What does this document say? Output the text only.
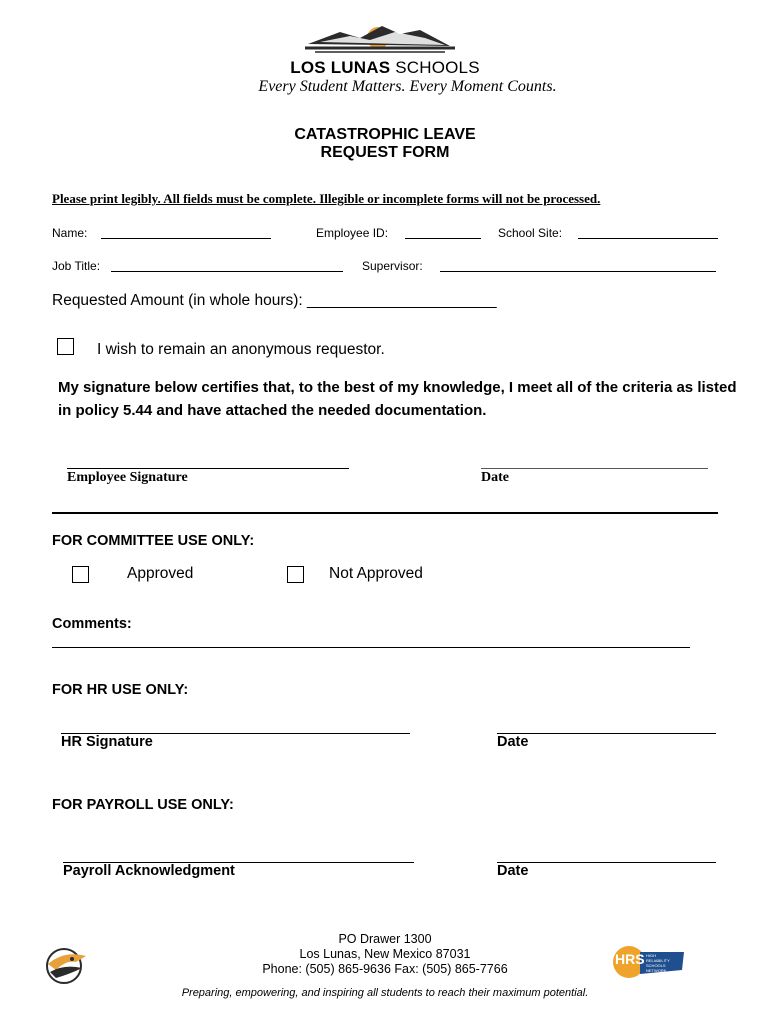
LOS LUNAS SCHOOLS
Every Student Matters. Every Moment Counts.
CATASTROPHIC LEAVE
REQUEST FORM
Please print legibly. All fields must be complete. Illegible or incomplete forms will not be processed.
Name:	Employee ID:	School Site:
Job Title:	Supervisor:
Requested Amount (in whole hours): ______________________
I wish to remain an anonymous requestor.
My signature below certifies that, to the best of my knowledge, I meet all of the criteria as listed in policy 5.44 and have attached the needed documentation.
Employee Signature	Date
FOR COMMITTEE USE ONLY:
Approved	Not Approved
Comments:
FOR HR USE ONLY:
HR Signature	Date
FOR PAYROLL USE ONLY:
Payroll Acknowledgment	Date
PO Drawer 1300
Los Lunas, New Mexico 87031
Phone: (505) 865-9636 Fax: (505) 865-7766
HRS
MARZANO HIGH RELIABILITY SCHOOLS NETWORK
Preparing, empowering, and inspiring all students to reach their maximum potential.
